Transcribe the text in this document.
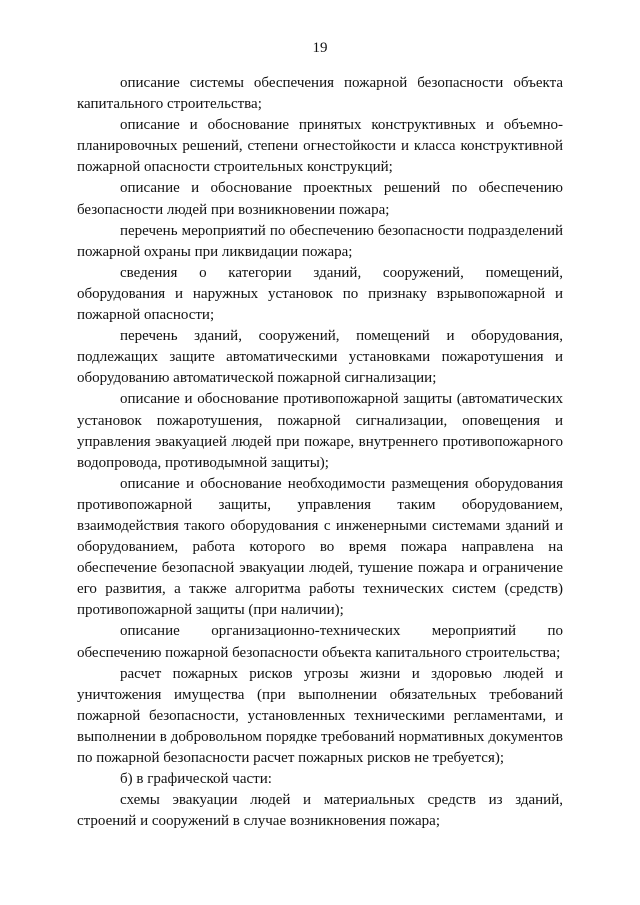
19

описание системы обеспечения пожарной безопасности объекта капитального строительства;

описание и обоснование принятых конструктивных и объемно-планировочных решений, степени огнестойкости и класса конструктивной пожарной опасности строительных конструкций;

описание и обоснование проектных решений по обеспечению безопасности людей при возникновении пожара;

перечень мероприятий по обеспечению безопасности подразделений пожарной охраны при ликвидации пожара;

сведения о категории зданий, сооружений, помещений, оборудования и наружных установок по признаку взрывопожарной и пожарной опасности;

перечень зданий, сооружений, помещений и оборудования, подлежащих защите автоматическими установками пожаротушения и оборудованию автоматической пожарной сигнализации;

описание и обоснование противопожарной защиты (автоматических установок пожаротушения, пожарной сигнализации, оповещения и управления эвакуацией людей при пожаре, внутреннего противопожарного водопровода, противодымной защиты);

описание и обоснование необходимости размещения оборудования противопожарной защиты, управления таким оборудованием, взаимодействия такого оборудования с инженерными системами зданий и оборудованием, работа которого во время пожара направлена на обеспечение безопасной эвакуации людей, тушение пожара и ограничение его развития, а также алгоритма работы технических систем (средств) противопожарной защиты (при наличии);

описание организационно-технических мероприятий по обеспечению пожарной безопасности объекта капитального строительства;

расчет пожарных рисков угрозы жизни и здоровью людей и уничтожения имущества (при выполнении обязательных требований пожарной безопасности, установленных техническими регламентами, и выполнении в добровольном порядке требований нормативных документов по пожарной безопасности расчет пожарных рисков не требуется);

б) в графической части:

схемы эвакуации людей и материальных средств из зданий, строений и сооружений в случае возникновения пожара;
